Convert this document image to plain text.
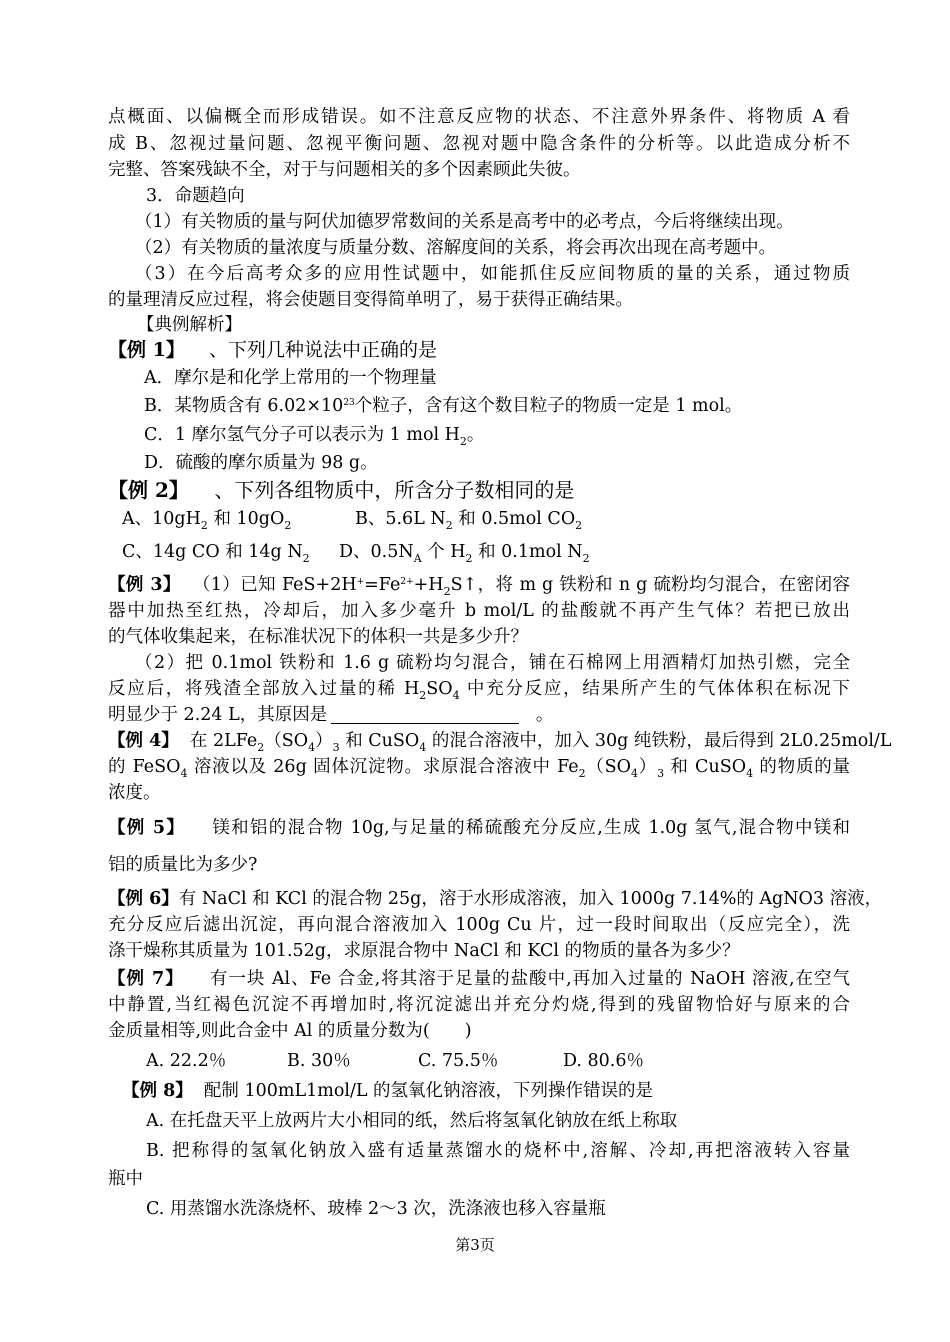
点概面、以偏概全而形成错误。如不注意反应物的状态、不注意外界条件、将物质 A 看
成 B、忽视过量问题、忽视平衡问题、忽视对题中隐含条件的分析等。以此造成分析不
完整、答案残缺不全，对于与问题相关的多个因素顾此失彼。
3．命题趋向
（1）有关物质的量与阿伏加德罗常数间的关系是高考中的必考点，今后将继续出现。
（2）有关物质的量浓度与质量分数、溶解度间的关系，将会再次出现在高考题中。
（3）在今后高考众多的应用性试题中，如能抓住反应间物质的量的关系，通过物质
的量理清反应过程，将会使题目变得简单明了，易于获得正确结果。
【典例解析】
【例 1】 、下列几种说法中正确的是
A．摩尔是和化学上常用的一个物理量
B．某物质含有 $6.02\times 10^{23}$个粒子，含有这个数目粒子的物质一定是 1 mol。
C．1 摩尔氢气分子可以表示为 1 mol $H_2$。
D．硫酸的摩尔质量为 98 g。
【例 2】 、下列各组物质中，所含分子数相同的是
A、$10gH_2$ 和 $10gO_2$	B、5.6L $N_2$ 和 0.5mol $CO_2$
C、14g CO 和 14g $N_2$ D、$0.5N_A$ 个 $H_2$ 和 0.1mol $N_2$
【例 3】 （1）已知 $FeS+2H^+=Fe^{2+}+H_2S↑$，将 m g 铁粉和 n g 硫粉均匀混合，在密闭容
器中加热至红热，冷却后，加入多少毫升 b mol/L 的盐酸就不再产生气体？若把已放出
的气体收集起来，在标准状况下的体积一共是多少升？
（2）把 0.1mol 铁粉和 1.6 g 硫粉均匀混合，铺在石棉网上用酒精灯加热引燃，完全
反应后，将残渣全部放入过量的稀 $H_2SO_4$ 中充分反应，结果所产生的气体体积在标况下
明显少于 2.24 L，其原因是	。
【例 4】 在 $2LFe_2(SO_4)_3$ 和 CuSO$_4$ 的混合溶液中，加入 30g 纯铁粉，最后得到 2L0.25mol/L
的 FeSO$_4$ 溶液以及 26g 固体沉淀物。求原混合溶液中 $Fe_2(SO_4)_3$ 和 CuSO$_4$ 的物质的量
浓度。
【例 5】 镁和铝的混合物 10g,与足量的稀硫酸充分反应,生成 1.0g 氢气,混合物中镁和
铝的质量比为多少?
【例 6】有 NaCl 和 KCl 的混合物 25g，溶于水形成溶液，加入 1000g 7.14%的 AgNO3 溶液，
充分反应后滤出沉淀，再向混合溶液加入 100g Cu 片，过一段时间取出（反应完全），洗
涤干燥称其质量为 101.52g，求原混合物中 NaCl 和 KCl 的物质的量各为多少？
【例 7】 有一块 Al、Fe 合金,将其溶于足量的盐酸中,再加入过量的 NaOH 溶液,在空气
中静置,当红褐色沉淀不再增加时,将沉淀滤出并充分灼烧,得到的残留物恰好与原来的合
金质量相等,则此合金中 Al 的质量分数为(　　)
A. 22.2％	B. 30％	C. 75.5％	D. 80.6％
【例 8】 配制 100mL1mol/L 的氢氧化钠溶液，下列操作错误的是
A. 在托盘天平上放两片大小相同的纸，然后将氢氧化钠放在纸上称取
B. 把称得的氢氧化钠放入盛有适量蒸馏水的烧杯中,溶解、冷却,再把溶液转入容量
瓶中
C. 用蒸馏水洗涤烧杯、玻棒 2～3 次，洗涤液也移入容量瓶
第3页
